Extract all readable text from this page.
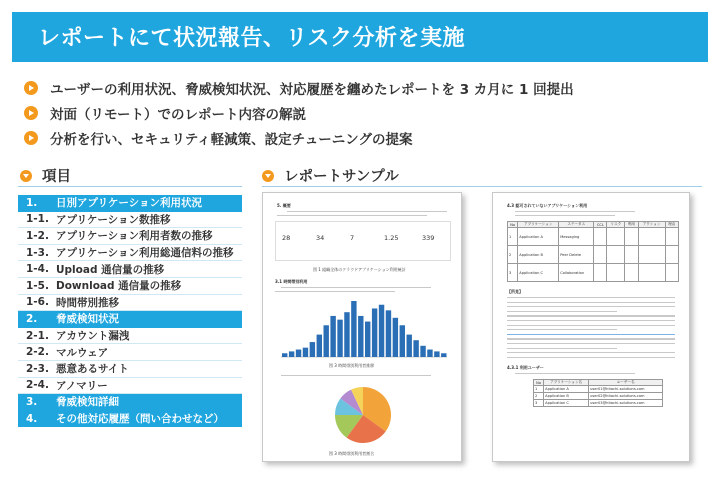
レポートにて状況報告、リスク分析を実施
ユーザーの利用状況、脅威検知状況、対応履歴を纏めたレポートを 3 カ月に 1 回提出
対面（リモート）でのレポート内容の解説
分析を行い、セキュリティ軽減策、設定チューニングの提案
項目	レポートサンプル
1.	日別アプリケーション利用状況
1-1. アプリケーション数推移
1-2. アプリケーション利用者数の推移
1-3. アプリケーション利用総通信料の推移
1-4. Upload 通信量の推移
1-5. Download 通信量の推移
1-6. 時間帯別推移
2.	脅威検知状況
2-1. アカウント漏洩
2-2. マルウェア
2-3. 悪意あるサイト
2-4. アノマリー
3.	脅威検知詳細
4.	その他対応履歴（問い合わせなど）
5. 概要
28	34	7	1.25	339
図 1 組織全体のクラウドアプリケーション利用統計
3.1 時間帯別利用
図 3 時間帯別利用者推移
図 3 時間帯別利用者割合
4.3 認可されていないアプリケーション利用
No	アプリケーション	ステータス	CCL	リスク	利用	アクション	理由
1	Application A	Messaging					
2	Application B	Peer Delete					
3	Application C	Collaboration					
【所見】
4.3.1 利用ユーザー
No	アプリケーション名	ユーザー名
1	Application A	user01@hitachi-solutions.com
2	Application B	user02@hitachi-solutions.com
3	Application C	user03@hitachi-solutions.com
